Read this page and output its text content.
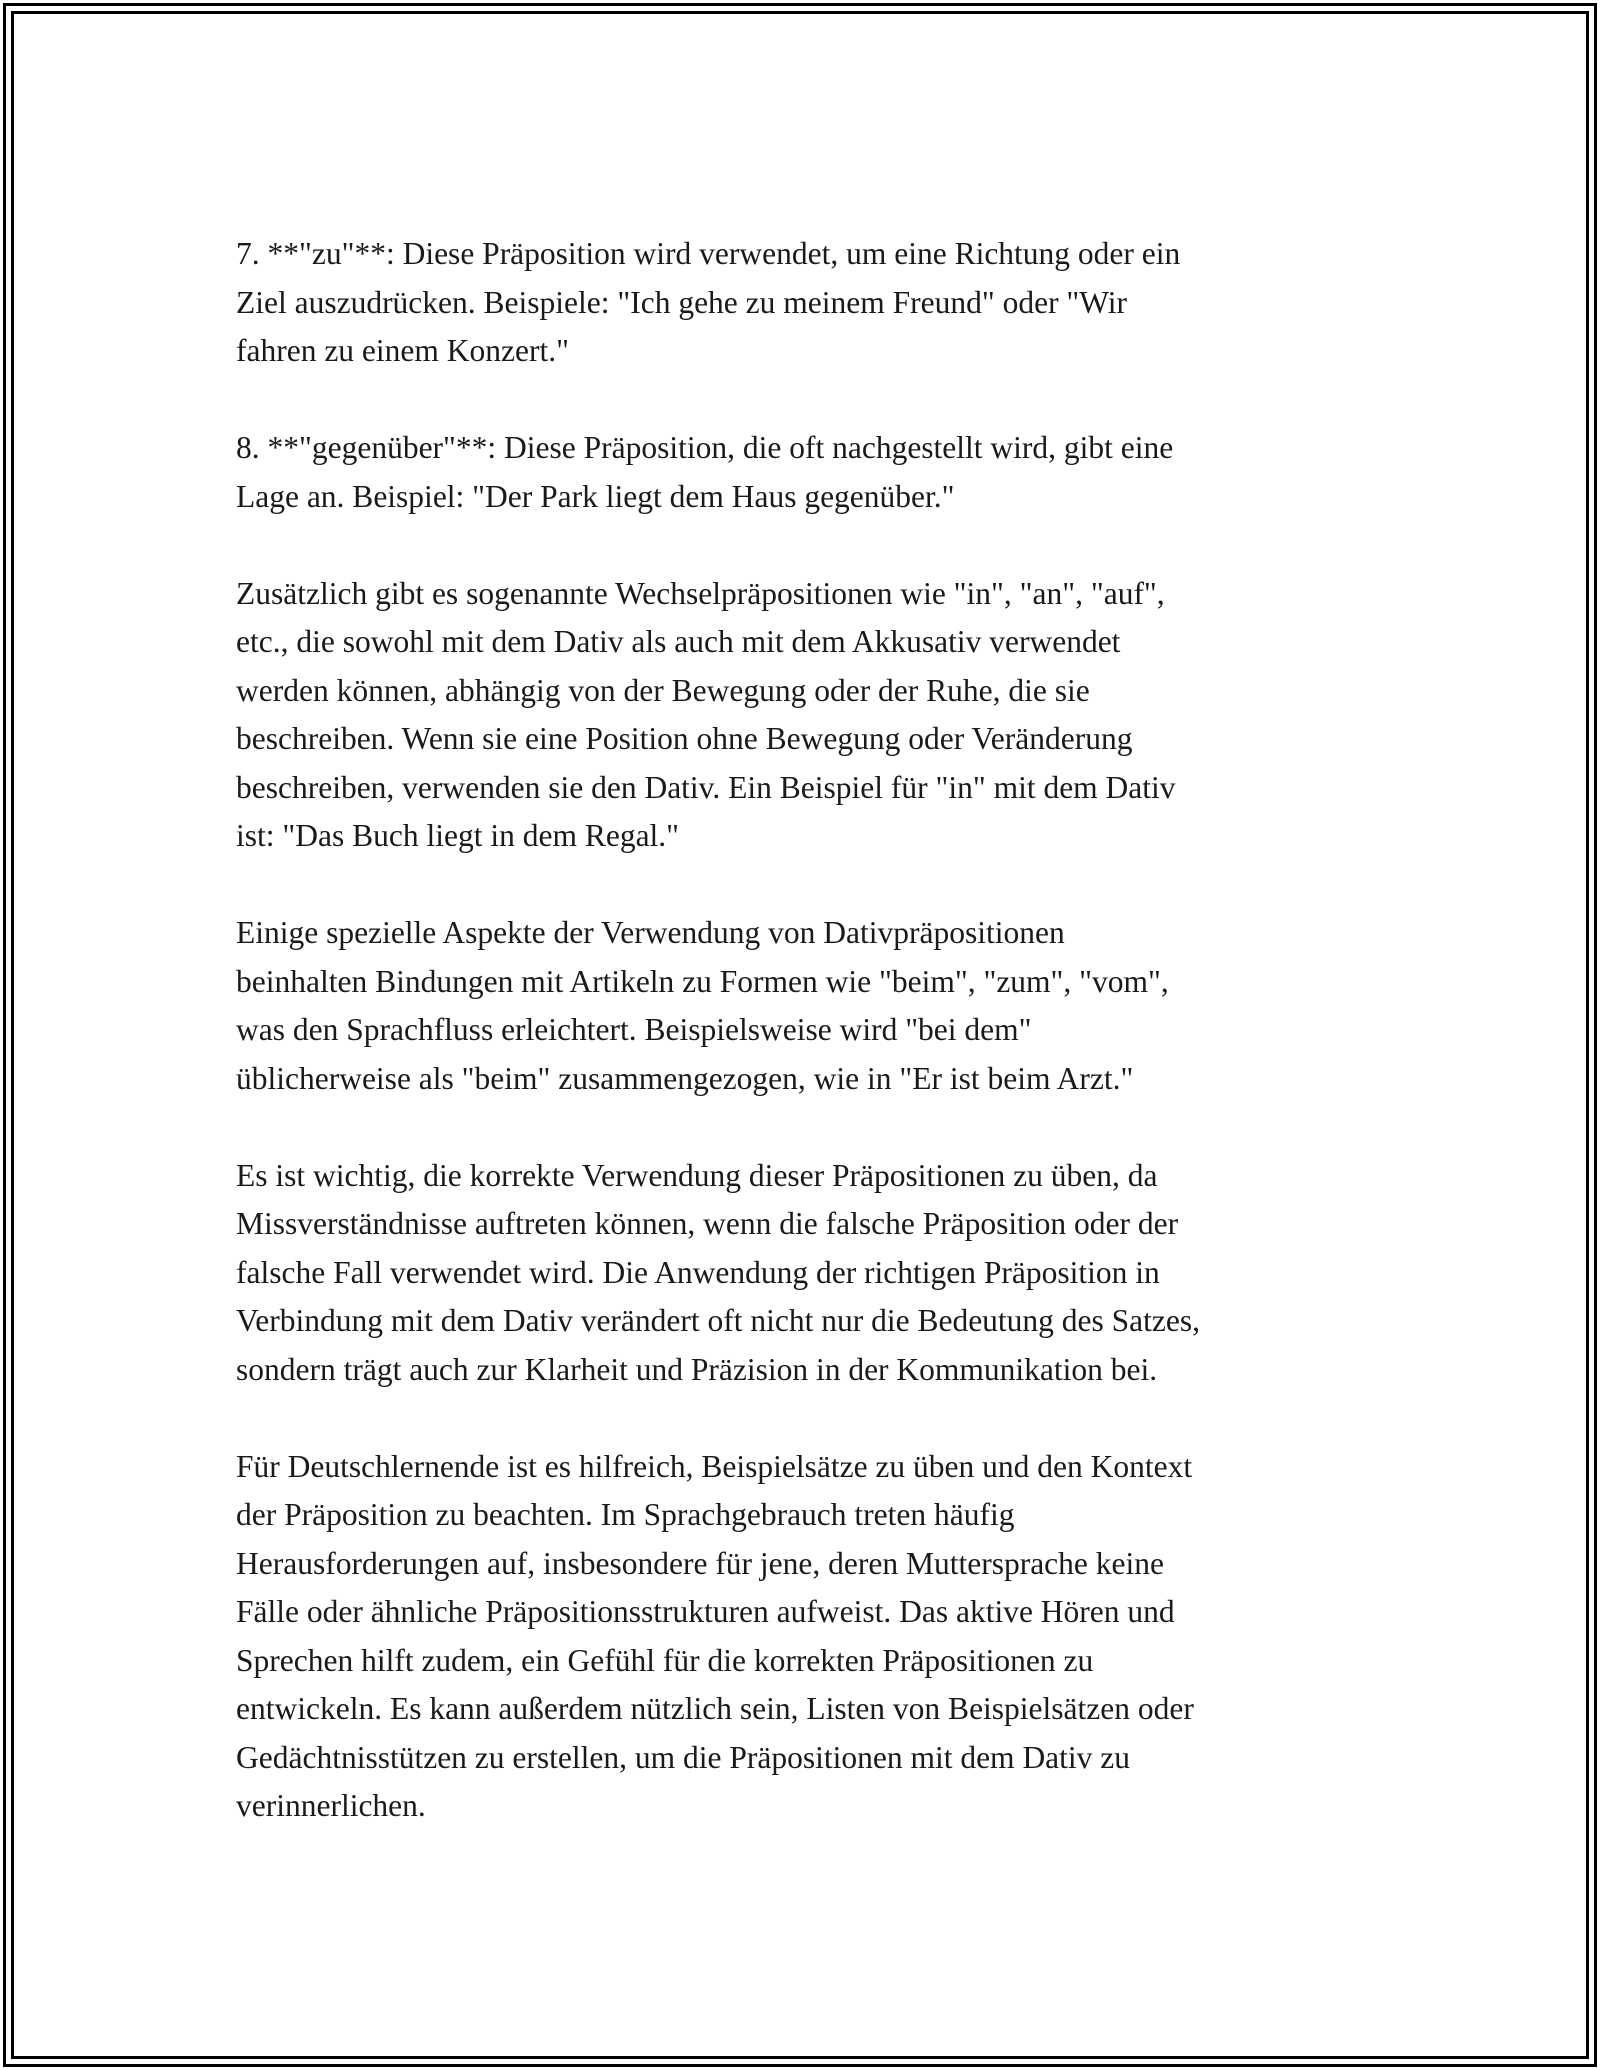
7. **"zu"**: Diese Präposition wird verwendet, um eine Richtung oder ein
Ziel auszudrücken. Beispiele: "Ich gehe zu meinem Freund" oder "Wir
fahren zu einem Konzert."

8. **"gegenüber"**: Diese Präposition, die oft nachgestellt wird, gibt eine
Lage an. Beispiel: "Der Park liegt dem Haus gegenüber."

Zusätzlich gibt es sogenannte Wechselpräpositionen wie "in", "an", "auf",
etc., die sowohl mit dem Dativ als auch mit dem Akkusativ verwendet
werden können, abhängig von der Bewegung oder der Ruhe, die sie
beschreiben. Wenn sie eine Position ohne Bewegung oder Veränderung
beschreiben, verwenden sie den Dativ. Ein Beispiel für "in" mit dem Dativ
ist: "Das Buch liegt in dem Regal."

Einige spezielle Aspekte der Verwendung von Dativpräpositionen
beinhalten Bindungen mit Artikeln zu Formen wie "beim", "zum", "vom",
was den Sprachfluss erleichtert. Beispielsweise wird "bei dem"
üblicherweise als "beim" zusammengezogen, wie in "Er ist beim Arzt."

Es ist wichtig, die korrekte Verwendung dieser Präpositionen zu üben, da
Missverständnisse auftreten können, wenn die falsche Präposition oder der
falsche Fall verwendet wird. Die Anwendung der richtigen Präposition in
Verbindung mit dem Dativ verändert oft nicht nur die Bedeutung des Satzes,
sondern trägt auch zur Klarheit und Präzision in der Kommunikation bei.

Für Deutschlernende ist es hilfreich, Beispielsätze zu üben und den Kontext
der Präposition zu beachten. Im Sprachgebrauch treten häufig
Herausforderungen auf, insbesondere für jene, deren Muttersprache keine
Fälle oder ähnliche Präpositionsstrukturen aufweist. Das aktive Hören und
Sprechen hilft zudem, ein Gefühl für die korrekten Präpositionen zu
entwickeln. Es kann außerdem nützlich sein, Listen von Beispielsätzen oder
Gedächtnisstützen zu erstellen, um die Präpositionen mit dem Dativ zu
verinnerlichen.
